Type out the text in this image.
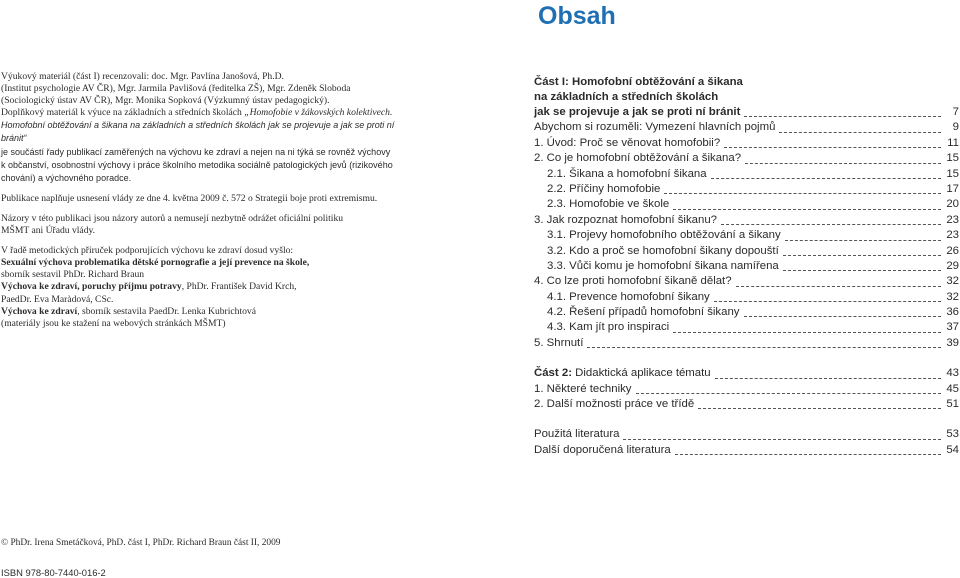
Obsah

Výukový materiál (část I) recenzovali: doc. Mgr. Pavlína Janošová, Ph.D.
(Institut psychologie AV ČR), Mgr. Jarmila Pavlišová (ředitelka ZŠ), Mgr. Zdeněk Sloboda
(Sociologický ústav AV ČR), Mgr. Monika Sopková (Výzkumný ústav pedagogický).
Doplňkový materiál k výuce na základních a středních školách „Homofobie v žákovských kolektivech.
Homofobní obtěžování a šikana na základních a středních školách jak se projevuje a jak se proti ní bránit“
je součástí řady publikací zaměřených na výchovu ke zdraví a nejen na ni týká se rovněž výchovy
k občanství, osobnostní výchovy i práce školního metodika sociálně patologických jevů (rizikového
chování) a výchovného poradce.

Publikace naplňuje usnesení vlády ze dne 4. května 2009 č. 572 o Strategii boje proti extremismu.

Názory v této publikaci jsou názory autorů a nemusejí nezbytně odrážet oficiální politiku
MŠMT ani Úřadu vlády.

V řadě metodických příruček podporujících výchovu ke zdraví dosud vyšlo:
Sexuální výchova problematika dětské pornografie a její prevence na škole,
sborník sestavil PhDr. Richard Braun
Výchova ke zdraví, poruchy příjmu potravy, PhDr. František David Krch,
PaedDr. Eva Maràdová, CSc.
Výchova ke zdraví, sborník sestavila PaedDr. Lenka Kubrichtová
(materiály jsou ke stažení na webových stránkách MŠMT)

Část I: Homofobní obtěžování a šikana
na základních a středních školách
jak se projevuje a jak se proti ní bránit	7
Abychom si rozuměli: Vymezení hlavních pojmů	9
1. Úvod: Proč se věnovat homofobii?	11
2. Co je homofobní obtěžování a šikana?	15
2.1. Šikana a homofobní šikana	15
2.2. Příčiny homofobie	17
2.3. Homofobie ve škole	20
3. Jak rozpoznat homofobní šikanu?	23
3.1. Projevy homofobního obtěžování a šikany	23
3.2. Kdo a proč se homofobní šikany dopouští	26
3.3. Vůči komu je homofobní šikana namířena	29
4. Co lze proti homofobní šikaně dělat?	32
4.1. Prevence homofobní šikany	32
4.2. Řešení případů homofobní šikany	36
4.3. Kam jít pro inspiraci	37
5. Shrnutí	39
Část 2: Didaktická aplikace tématu	43
1. Některé techniky	45
2. Další možnosti práce ve třídě	51
Použitá literatura	53
Další doporučená literatura	54
© PhDr. Irena Smetáčková, PhD. část I, PhDr. Richard Braun část II, 2009
ISBN 978-80-7440-016-2
